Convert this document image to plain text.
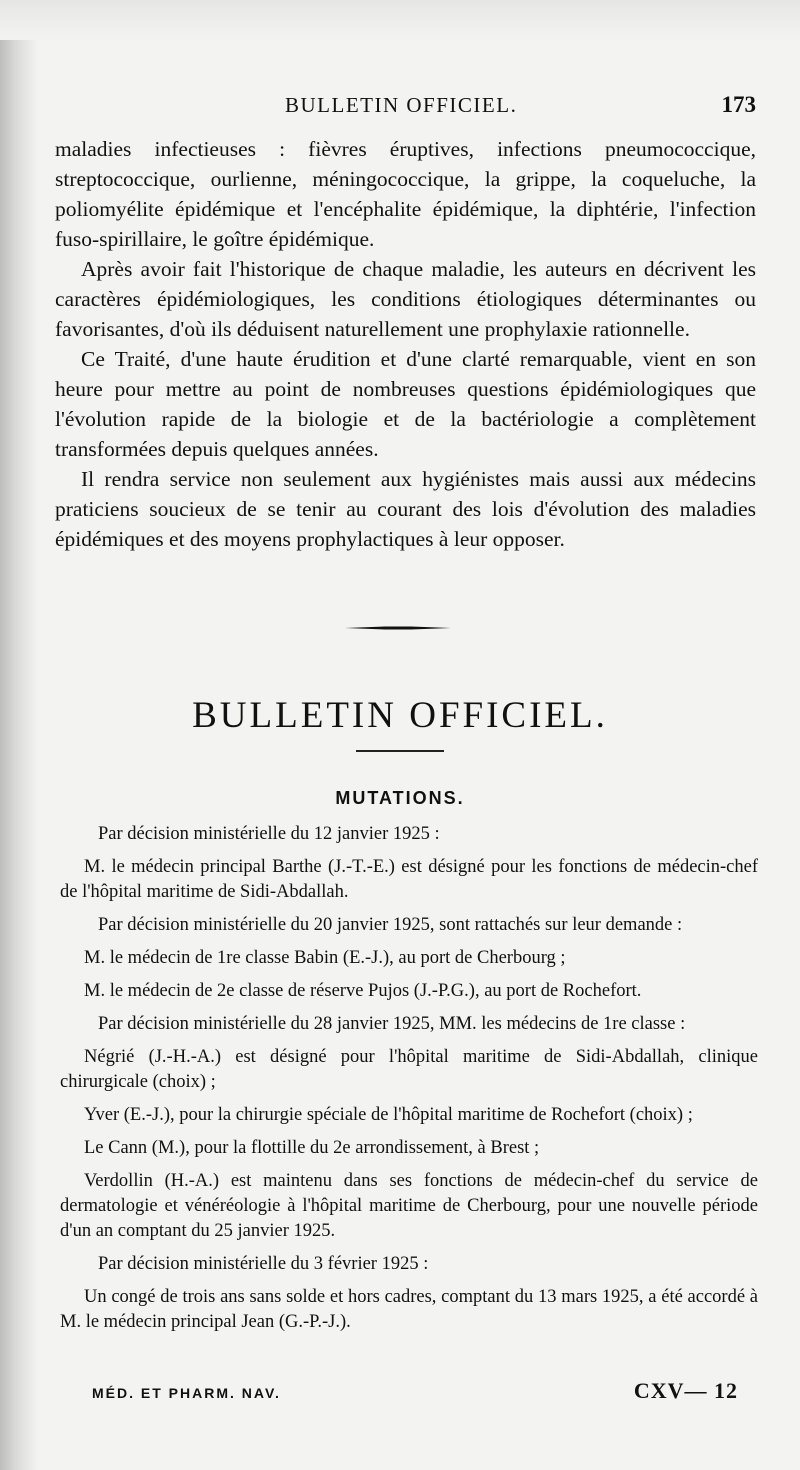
BULLETIN OFFICIEL.	173

maladies infectieuses : fièvres éruptives, infections pneumococcique, streptococcique, ourlienne, méningococcique, la grippe, la coqueluche, la poliomyélite épidémique et l'encéphalite épidémique, la diphtérie, l'infection fuso-spirillaire, le goître épidémique.

Après avoir fait l'historique de chaque maladie, les auteurs en décrivent les caractères épidémiologiques, les conditions étiologiques déterminantes ou favorisantes, d'où ils déduisent naturellement une prophylaxie rationnelle.

Ce Traité, d'une haute érudition et d'une clarté remarquable, vient en son heure pour mettre au point de nombreuses questions épidémiologiques que l'évolution rapide de la biologie et de la bactériologie a complètement transformées depuis quelques années.

Il rendra service non seulement aux hygiénistes mais aussi aux médecins praticiens soucieux de se tenir au courant des lois d'évolution des maladies épidémiques et des moyens prophylactiques à leur opposer.

BULLETIN OFFICIEL.
MUTATIONS.

Par décision ministérielle du 12 janvier 1925 :

M. le médecin principal Barthe (J.-T.-E.) est désigné pour les fonctions de médecin-chef de l'hôpital maritime de Sidi-Abdallah.

Par décision ministérielle du 20 janvier 1925, sont rattachés sur leur demande :

M. le médecin de 1re classe Babin (E.-J.), au port de Cherbourg ;

M. le médecin de 2e classe de réserve Pujos (J.-P.G.), au port de Rochefort.

Par décision ministérielle du 28 janvier 1925, MM. les médecins de 1re classe :

Négrié (J.-H.-A.) est désigné pour l'hôpital maritime de Sidi-Abdallah, clinique chirurgicale (choix) ;

Yver (E.-J.), pour la chirurgie spéciale de l'hôpital maritime de Rochefort (choix) ;

Le Cann (M.), pour la flottille du 2e arrondissement, à Brest ;

Verdollin (H.-A.) est maintenu dans ses fonctions de médecin-chef du service de dermatologie et vénéréologie à l'hôpital maritime de Cherbourg, pour une nouvelle période d'un an comptant du 25 janvier 1925.

Par décision ministérielle du 3 février 1925 :

Un congé de trois ans sans solde et hors cadres, comptant du 13 mars 1925, a été accordé à M. le médecin principal Jean (G.-P.-J.).

MÉD. ET PHARM. NAV.	CXV— 12
